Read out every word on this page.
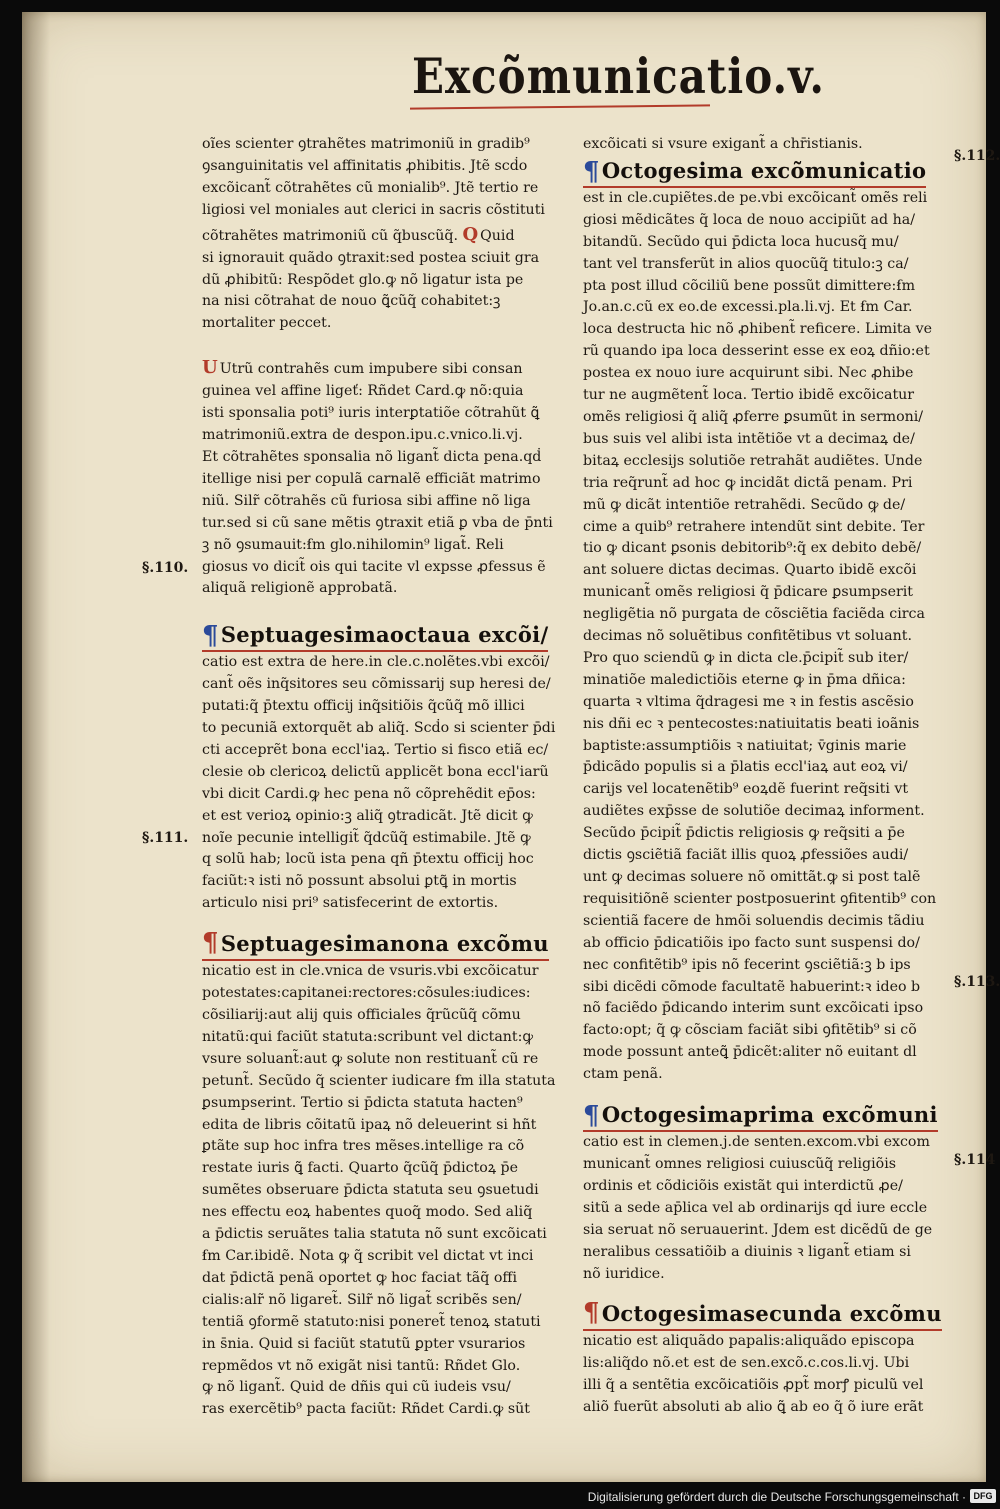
Excõmunicatio.v.
§.110.
§.111.
§.112.
§.113.
§.114
oĩes scienter ꝯtrahẽtes matrimoniũ in gradib⁹
ꝯsanguinitatis vel affinitatis ꝓhibitis. Jtẽ scḋo
excõicant̃ cõtrahẽtes cũ monialib⁹. Jtẽ tertio re
ligiosi vel moniales aut clerici in sacris cõstituti
cõtrahẽtes matrimoniũ cũ q̃buscũq̃. Q Quid
si ignorauit quãdo ꝯtraxit:sed postea sciuit gra
dũ ꝓhibitũ: Respõdet glo.ꝙ nõ ligatur ista pe
na nisi cõtrahat de nouo ꝗ̃cũq̃ cohabitet:ꝫ
mortaliter peccet.
U Utrũ contrahẽs cum impubere sibi consan
guinea vel affine ligeť: Rñdet Card.ꝙ nõ:quia
isti sponsalia poti⁹ iuris interꝑtatiõe cõtrahũt ꝗ̃
matrimoniũ.extra de despon.ipu.c.vnico.li.vj.
Et cõtrahẽtes sponsalia nõ ligant̃ dicta pena.qḋ
itellige nisi per copulã carnalẽ efficiãt matrimo
niũ. Silr̃ cõtrahẽs cũ furiosa sibi affine nõ liga
tur.sed si cũ sane mẽtis ꝯtraxit etiã ꝑ vba de p̄nti
ꝫ nõ ꝯsumauit:ẜm glo.nihilomin⁹ ligat̃. Reli
giosus vo dicit̃ ois qui tacite vl expsse ꝓfessus ẽ
aliquã religionẽ approbatã.
¶Septuagesimaoctaua excõi/
catio est extra de here.in cle.c.nolẽtes.vbi excõi/
cant̃ oẽs inq̃sitores seu cõmissarij sup heresi de/
putati:q̃ p̄textu officij inq̃sitiõis q̃cũq̃ mõ illici
to pecuniã extorquẽt ab aliq̃. Scḋo si scienter p̄di
cti acceprẽt bona eccl'iaꝝ. Tertio si fisco etiã ec/
clesie ob clericoꝝ delictũ applicẽt bona eccl'iarũ
vbi dicit Cardi.ꝙ hec pena nõ cõprehẽdit ep̄os:
et est verioꝝ opinio:ꝫ aliq̃ ꝯtradicãt. Jtẽ dicit ꝙ
noĩe pecunie intelligit̃ q̃dcũq̃ estimabile. Jtẽ ꝙ
q solũ hab; locũ ista pena qñ p̄textu officij hoc
faciũt:ꝛ isti nõ possunt absolui ꝑtꝗ̃ in mortis
articulo nisi pri⁹ satisfecerint de extortis.
¶Septuagesimanona excõmu
nicatio est in cle.vnica de vsuris.vbi excõicatur
potestates:capitanei:rectores:cõsules:iudices:
cõsiliarij:aut alij quis officiales q̃rũcũq̃ cõmu
nitatũ:qui faciũt statuta:scribunt vel dictant:ꝙ
vsure soluant̃:aut ꝙ solute non restituant̃ cũ re
petunt̃. Secũdo q̃ scienter iudicare ẜm illa statuta
ꝑsumpserint. Tertio si p̄dicta statuta hacten⁹
edita de libris cõitatũ ipaꝝ nõ deleuerint si hñt
ꝑtãte sup hoc infra tres mẽses.intellige ra cõ
restate iuris ꝗ̃ facti. Quarto q̃cũq̃ p̄dictoꝝ p̄e
sumẽtes obseruare p̄dicta statuta seu ꝯsuetudi
nes effectu eoꝝ habentes quoq̃ modo. Sed aliq̃
a p̄dictis seruãtes talia statuta nõ sunt excõicati
ẜm Car.ibidẽ. Nota ꝙ q̃ scribit vel dictat vt inci
dat p̄dictã penã oportet ꝙ hoc faciat tãq̃ offi
cialis:alr̃ nõ ligaret̃. Silr̃ nõ ligat̃ scribẽs sen/
tentiã ꝯformẽ statuto:nisi poneret̃ tenoꝝ statuti
in s̄nia. Quid si faciũt statutũ ꝑpter vsurarios
repmẽdos vt nõ exigãt nisi tantũ: Rñdet Glo.
ꝙ nõ ligant̃. Quid de dñis qui cũ iudeis vsu/
ras exercẽtib⁹ pacta faciũt: Rñdet Cardi.ꝙ sũt
excõicati si vsure exigant̃ a chr̄istianis.
¶Octogesima excõmunicatio
est in cle.cupiẽtes.de pe.vbi excõicant̃ omẽs reli
giosi mẽdicãtes q̃ loca de nouo accipiũt ad ha/
bitandũ. Secũdo qui p̄dicta loca hucusq̃ mu/
tant vel transferũt in alios quocũq̃ titulo:ꝫ ca/
pta post illud cõciliũ bene possũt dimittere:ẜm
Jo.an.c.cũ ex eo.de excessi.pla.li.vj. Et ẜm Car.
loca destructa hic nõ ꝓhibent̃ reficere. Limita ve
rũ quando ipa loca desserint esse ex eoꝝ dñio:et
postea ex nouo iure acquirunt sibi. Nec ꝓhibe
tur ne augmẽtent̃ loca. Tertio ibidẽ excõicatur
omẽs religiosi q̃ aliq̃ ꝓferre ꝑsumũt in sermoni/
bus suis vel alibi ista intẽtiõe vt a decimaꝝ de/
bitaꝝ ecclesijs solutiõe retrahãt audiẽtes. Unde
tria req̃runt̃ ad hoc ꝙ incidãt dictã penam. Pri
mũ ꝙ dicãt intentiõe retrahẽdi. Secũdo ꝙ de/
cime a quib⁹ retrahere intendũt sint debite. Ter
tio ꝙ dicant ꝑsonis debitorib⁹:q̃ ex debito debẽ/
ant soluere dictas decimas. Quarto ibidẽ excõi
municant̃ omẽs religiosi q̃ p̄dicare ꝑsumpserit
negligẽtia nõ purgata de cõsciẽtia faciẽda circa
decimas nõ soluẽtibus confitẽtibus vt soluant.
Pro quo sciendũ ꝙ in dicta cle.p̄cipit̃ sub iter/
minatiõe maledictiõis eterne ꝙ in p̄ma dñica:
quarta ꝛ vltima q̃dragesi me ꝛ in festis ascẽsio
nis dñi ec ꝛ pentecostes:natiuitatis beati ioãnis
baptiste:assumptiõis ꝛ natiuitat; v̄ginis marie
p̄dicãdo populis si a p̄latis eccl'iaꝝ aut eoꝝ vi/
carijs vel locatenẽtib⁹ eoꝝdẽ fuerint req̃siti vt
audiẽtes exp̄sse de solutiõe decimaꝝ informent.
Secũdo p̄cipit̃ p̄dictis religiosis ꝙ req̃siti a p̄e
dictis ꝯsciẽtiã faciãt illis quoꝝ ꝓfessiões audi/
unt ꝙ decimas soluere nõ omittãt.ꝙ si post talẽ
requisitiõnẽ scienter postposuerint ꝯfitentib⁹ con
scientiã facere de hmõi soluendis decimis tãdiu
ab officio p̄dicatiõis ipo facto sunt suspensi do/
nec confitẽtib⁹ ipis nõ fecerint ꝯsciẽtiã:ꝫ b ips
sibi dicẽdi cõmode facultatẽ habuerint:ꝛ ideo b
nõ faciẽdo p̄dicando interim sunt excõicati ipso
facto:opt; q̃ ꝙ cõsciam faciãt sibi ꝯfitẽtib⁹ si cõ
mode possunt anteꝗ̃ p̄dicẽt:aliter nõ euitant dl
ctam penã.
¶Octogesimaprima excõmuni
catio est in clemen.j.de senten.excom.vbi excom
municant̃ omnes religiosi cuiuscũq̃ religiõis
ordinis et cõdiciõis existãt qui interdictũ ꝓe/
sitũ a sede ap̄lica vel ab ordinarijs qḋ iure eccle
sia seruat nõ seruauerint. Jdem est dicẽdũ de ge
neralibus cessatiõib a diuinis ꝛ ligant̃ etiam si
nõ iuridice.
¶Octogesimasecunda excõmu
nicatio est aliquãdo papalis:aliquãdo episcopa
lis:aliq̃do nõ.et est de sen.excõ.c.cos.li.vj. Ubi
illi q̃ a sentẽtia excõicatiõis ꝓpt̃ morꝭ piculũ vel
aliõ fuerũt absoluti ab alio ꝗ̃ ab eo q̃ õ iure erãt
Digitalisierung gefördert durch die Deutsche Forschungsgemeinschaft · DFG
